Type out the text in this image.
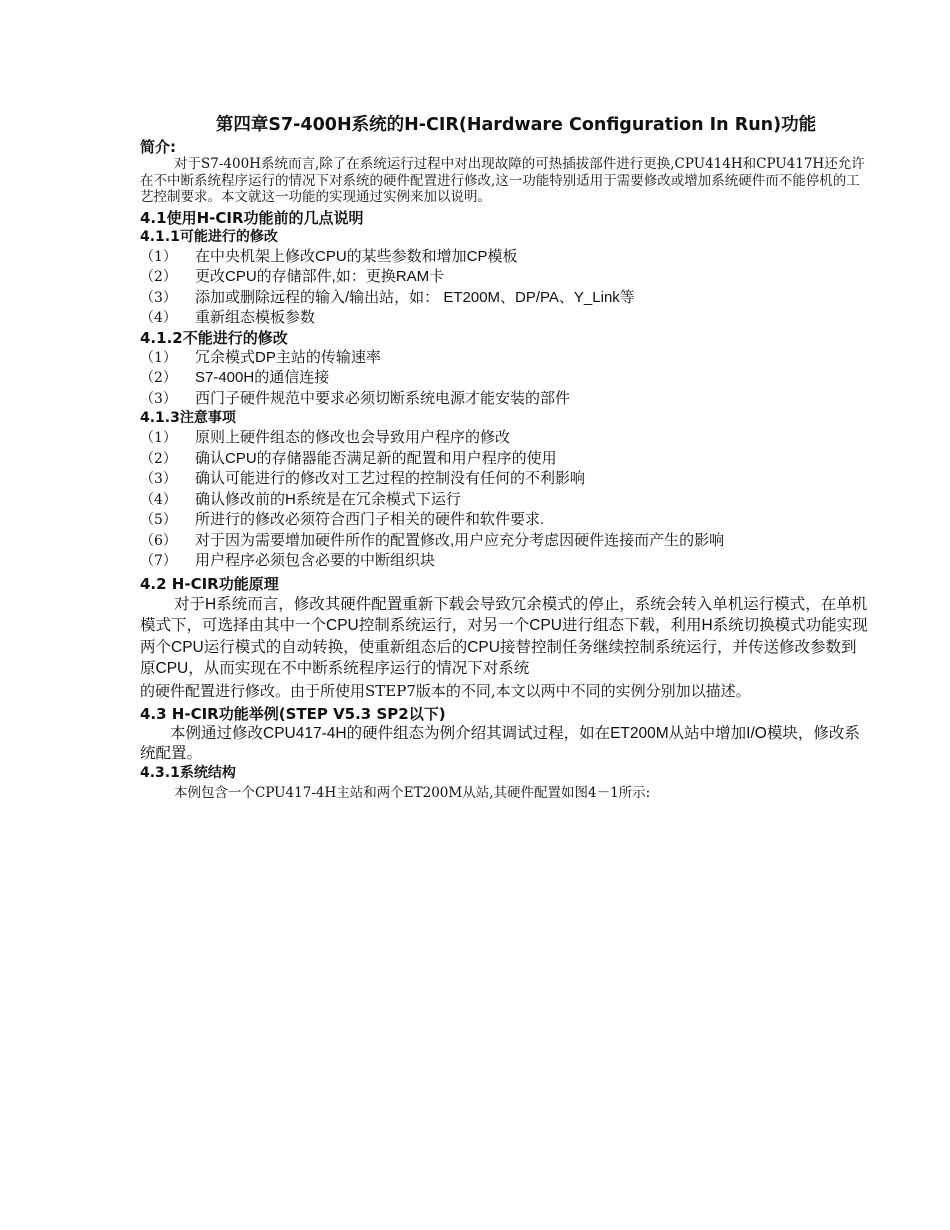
第四章S7-400H系统的H-CIR(Hardware Configuration In Run)功能
简介:

对于S7-400H系统而言,除了在系统运行过程中对出现故障的可热插拔部件进行更换,CPU414H和CPU417H还允许在不中断系统程序运行的情况下对系统的硬件配置进行修改,这一功能特别适用于需要修改或增加系统硬件而不能停机的工艺控制要求。本文就这一功能的实现通过实例来加以说明。

4.1使用H-CIR功能前的几点说明
4.1.1可能进行的修改
（1）	在中央机架上修改CPU的某些参数和增加CP模板
（2）	更改CPU的存储部件,如：更换RAM卡
（3）	添加或删除远程的输入/输出站，如： ET200M、DP/PA、Y_Link等
（4）	重新组态模板参数
4.1.2不能进行的修改
（1）	冗余模式DP主站的传输速率
（2）	S7-400H的通信连接
（3）	西门子硬件规范中要求必须切断系统电源才能安装的部件
4.1.3注意事项
（1）	原则上硬件组态的修改也会导致用户程序的修改
（2）	确认CPU的存储器能否满足新的配置和用户程序的使用
（3）	确认可能进行的修改对工艺过程的控制没有任何的不利影响
（4）	确认修改前的H系统是在冗余模式下运行
（5）	所进行的修改必须符合西门子相关的硬件和软件要求.
（6）	对于因为需要增加硬件所作的配置修改,用户应充分考虑因硬件连接而产生的影响
（7）	用户程序必须包含必要的中断组织块
4.2 H-CIR功能原理

对于H系统而言，修改其硬件配置重新下载会导致冗余模式的停止，系统会转入单机运行模式，在单机模式下，可选择由其中一个CPU控制系统运行，对另一个CPU进行组态下载，利用H系统切换模式功能实现两个CPU运行模式的自动转换，使重新组态后的CPU接替控制任务继续控制系统运行，并传送修改参数到原CPU，从而实现在不中断系统程序运行的情况下对系统

的硬件配置进行修改。由于所使用STEP7版本的不同,本文以两中不同的实例分别加以描述。

4.3 H-CIR功能举例(STEP V5.3 SP2以下)

本例通过修改CPU417-4H的硬件组态为例介绍其调试过程，如在ET200M从站中增加I/O模块，修改系统配置。

4.3.1系统结构

本例包含一个CPU417-4H主站和两个ET200M从站,其硬件配置如图4－1所示:
